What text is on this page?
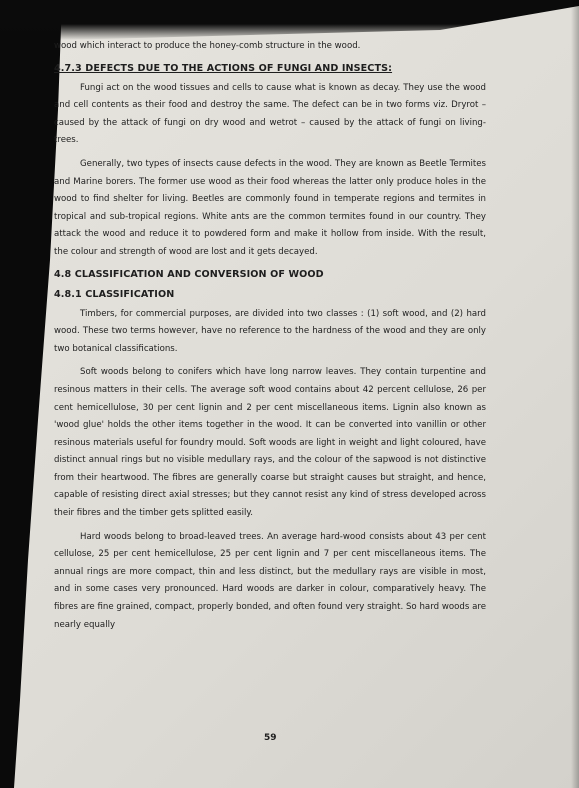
wood which interact to produce the honey-comb structure in the wood.

4.7.3 DEFECTS DUE TO THE ACTIONS OF FUNGI AND INSECTS:

Fungi act on the wood tissues and cells to cause what is known as decay. They use the wood and cell contents as their food and destroy the same. The defect can be in two forms viz. Dryrot – caused by the attack of fungi on dry wood and wetrot – caused by the attack of fungi on living-trees.

Generally, two types of insects cause defects in the wood. They are known as Beetle Termites and Marine borers. The former use wood as their food whereas the latter only produce holes in the wood to find shelter for living. Beetles are commonly found in temperate regions and termites in tropical and sub-tropical regions. White ants are the common termites found in our country. They attack the wood and reduce it to powdered form and make it hollow from inside. With the result, the colour and strength of wood are lost and it gets decayed.

4.8 CLASSIFICATION AND CONVERSION OF WOOD
4.8.1 CLASSIFICATION

Timbers, for commercial purposes, are divided into two classes : (1) soft wood, and (2) hard wood. These two terms however, have no reference to the hardness of the wood and they are only two botanical classifications.

Soft woods belong to conifers which have long narrow leaves. They contain turpentine and resinous matters in their cells. The average soft wood contains about 42 percent cellulose, 26 per cent hemicellulose, 30 per cent lignin and 2 per cent miscellaneous items. Lignin also known as 'wood glue' holds the other items together in the wood. It can be converted into vanillin or other resinous materials useful for foundry mould. Soft woods are light in weight and light coloured, have distinct annual rings but no visible medullary rays, and the colour of the sapwood is not distinctive from their heartwood. The fibres are generally coarse but straight causes but straight, and hence, capable of resisting direct axial stresses; but they cannot resist any kind of stress developed across their fibres and the timber gets splitted easily.

Hard woods belong to broad-leaved trees. An average hard-wood consists about 43 per cent cellulose, 25 per cent hemicellulose, 25 per cent lignin and 7 per cent miscellaneous items. The annual rings are more compact, thin and less distinct, but the medullary rays are visible in most, and in some cases very pronounced. Hard woods are darker in colour, comparatively heavy. The fibres are fine grained, compact, properly bonded, and often found very straight. So hard woods are nearly equally

59
